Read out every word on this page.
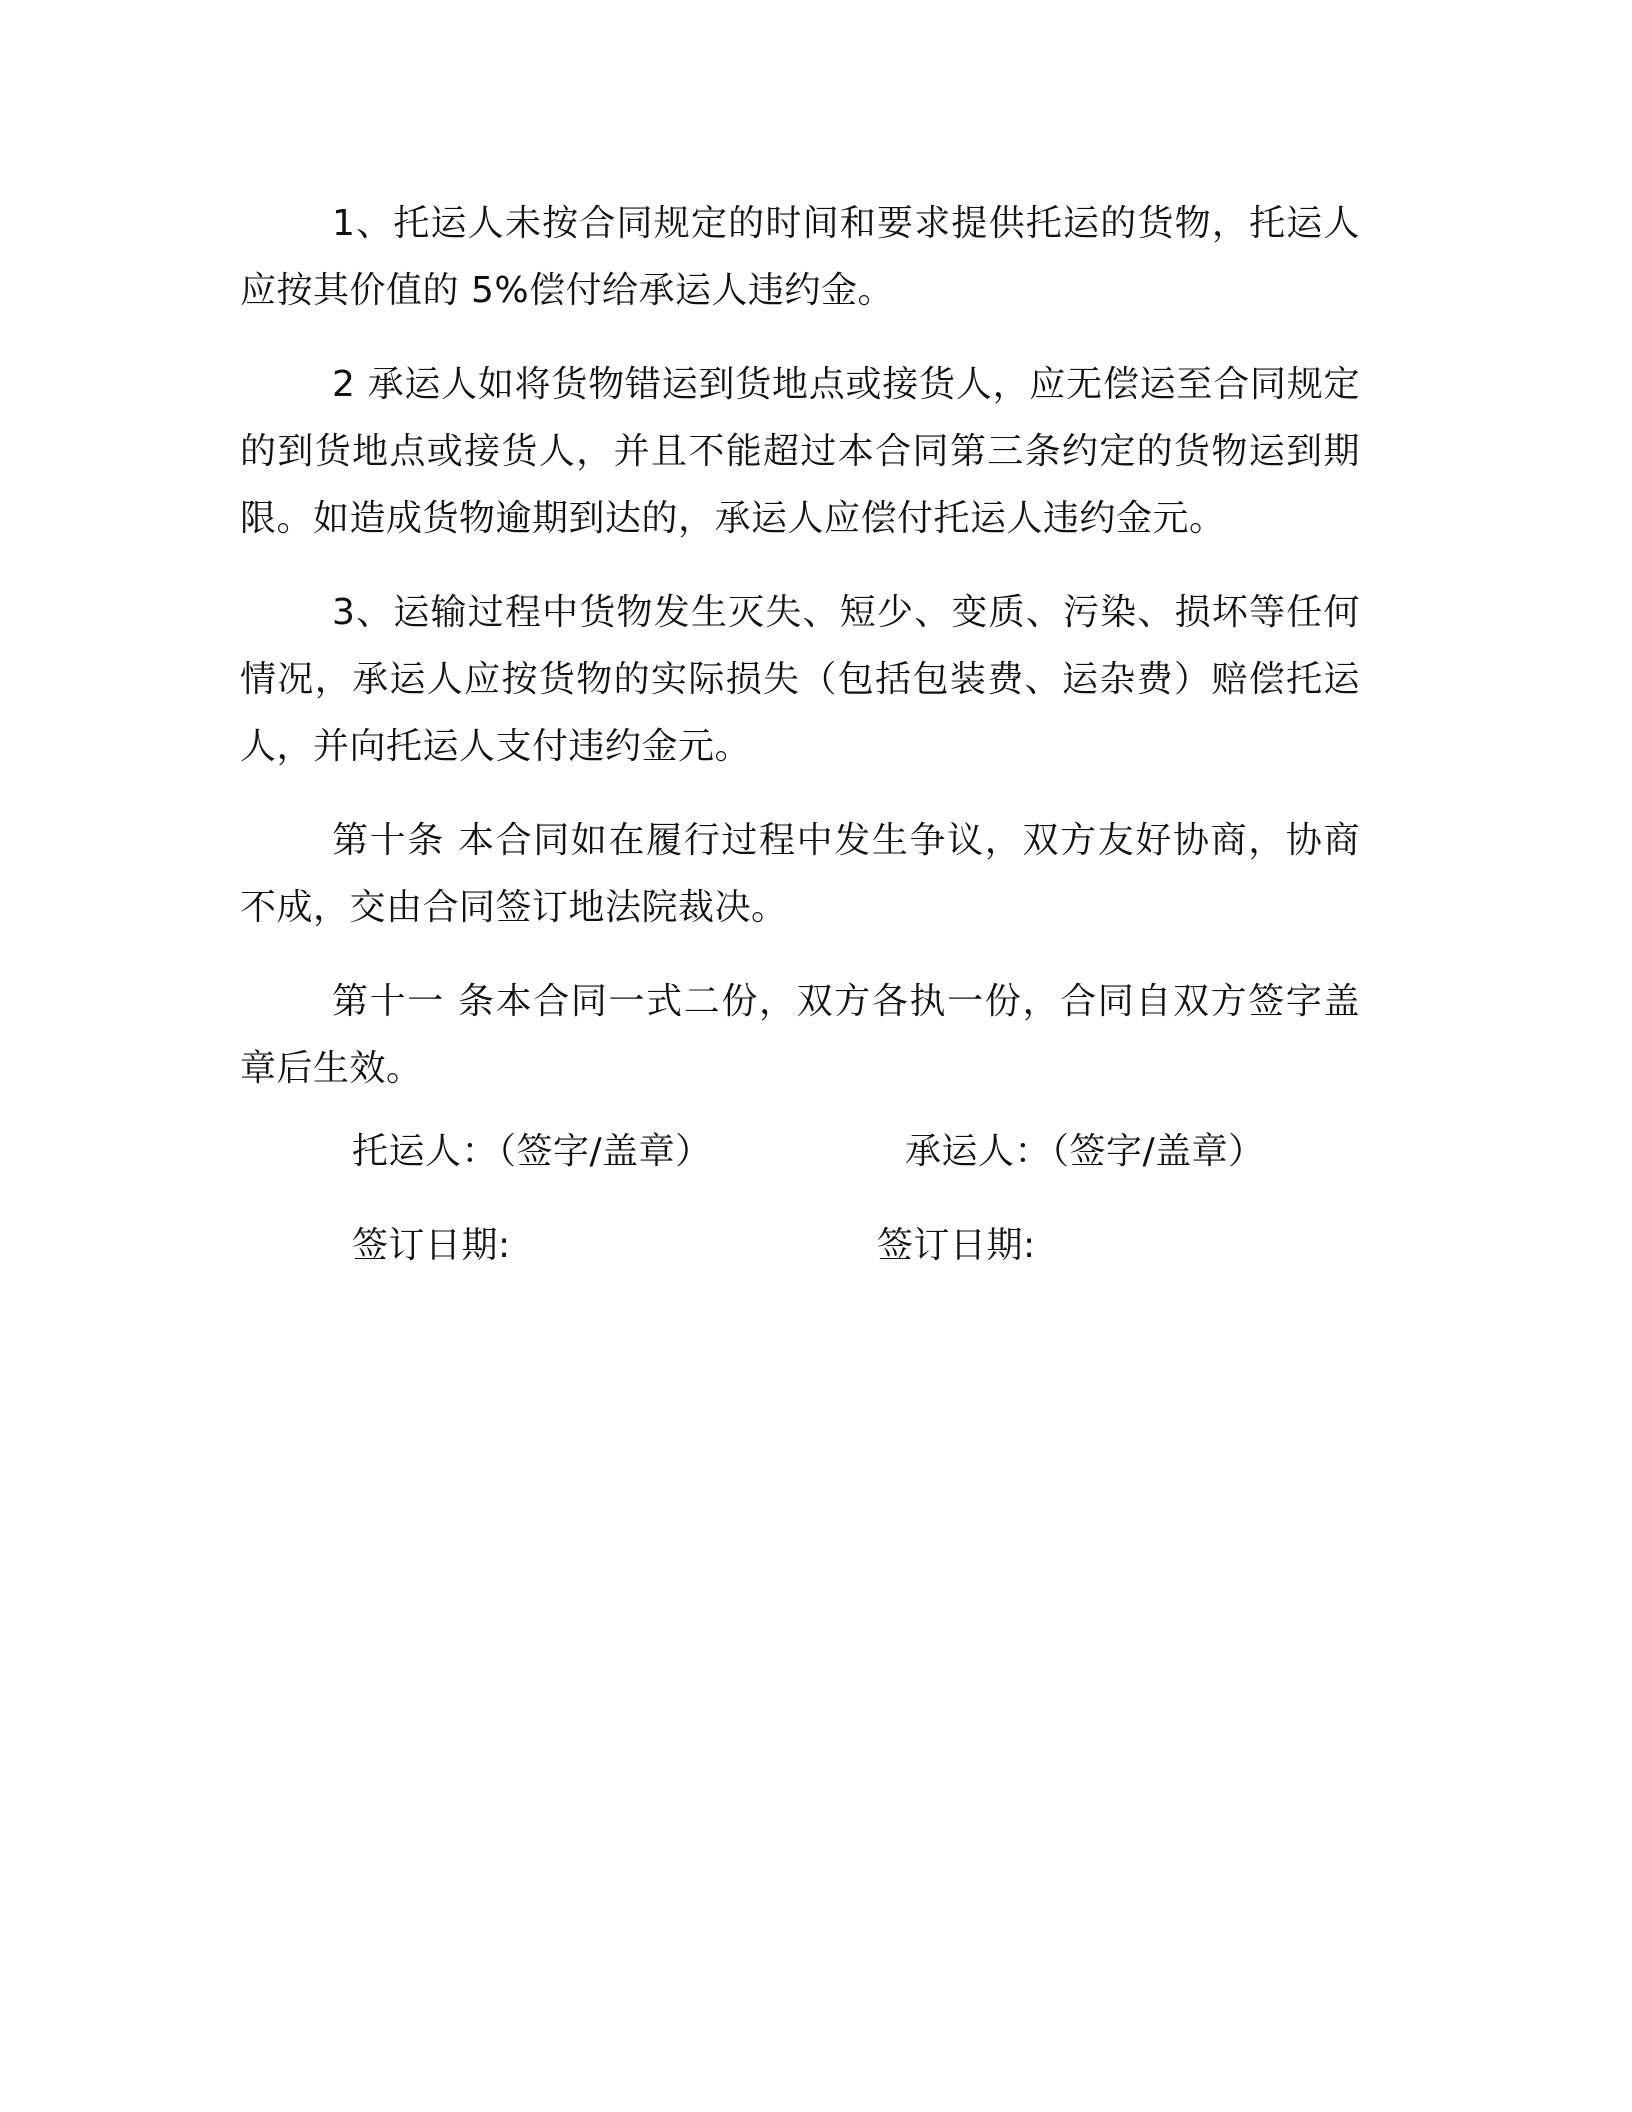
1、托运人未按合同规定的时间和要求提供托运的货物，托运人应按其价值的 5%偿付给承运人违约金。

2 承运人如将货物错运到货地点或接货人，应无偿运至合同规定的到货地点或接货人，并且不能超过本合同第三条约定的货物运到期限。如造成货物逾期到达的，承运人应偿付托运人违约金元。

3、运输过程中货物发生灭失、短少、变质、污染、损坏等任何情况，承运人应按货物的实际损失（包括包装费、运杂费）赔偿托运人，并向托运人支付违约金元。

第十条 本合同如在履行过程中发生争议，双方友好协商，协商不成，交由合同签订地法院裁决。

第十一 条本合同一式二份，双方各执一份，合同自双方签字盖章后生效。

托运人：（签字/盖章）	承运人：（签字/盖章）
签订日期:	签订日期:
